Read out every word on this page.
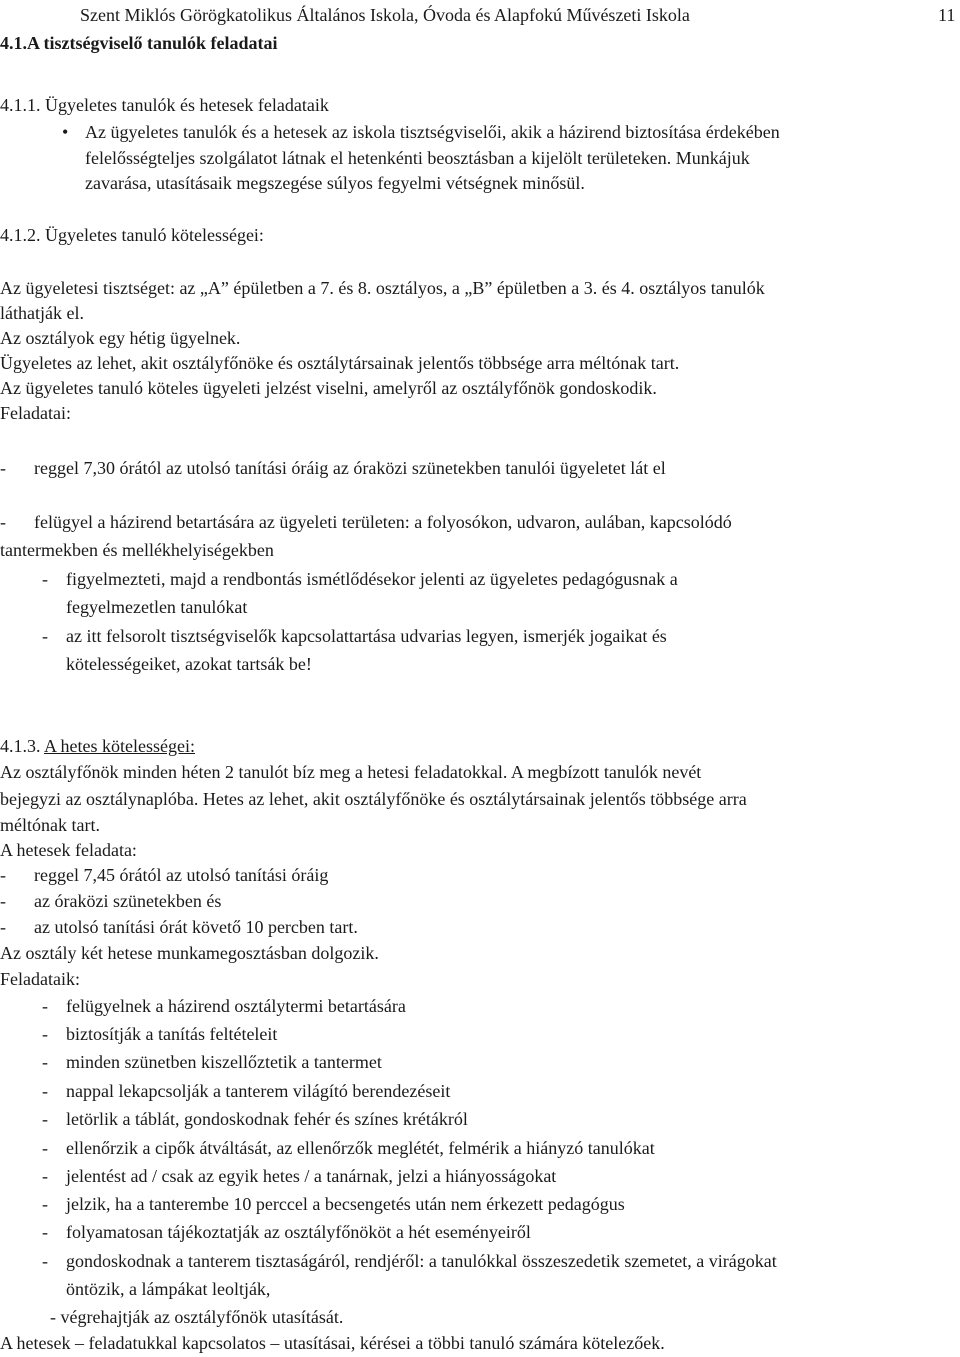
Szent Miklós Görögkatolikus Általános Iskola, Óvoda és Alapfokú Művészeti Iskola	11
4.1.A tisztségviselő tanulók feladatai
4.1.1. Ügyeletes tanulók és hetesek feladataik
• Az ügyeletes tanulók és a hetesek az iskola tisztségviselői, akik a házirend biztosítása érdekében
felelősségteljes szolgálatot látnak el hetenkénti beosztásban a kijelölt területeken. Munkájuk
zavarása, utasításaik megszegése súlyos fegyelmi vétségnek minősül.
4.1.2. Ügyeletes tanuló kötelességei:
Az ügyeletesi tisztséget: az „A” épületben a 7. és 8. osztályos, a „B” épületben a 3. és 4. osztályos tanulók
láthatják el.
Az osztályok egy hétig ügyelnek.
Ügyeletes az lehet, akit osztályfőnöke és osztálytársainak jelentős többsége arra méltónak tart.
Az ügyeletes tanuló köteles ügyeleti jelzést viselni, amelyről az osztályfőnök gondoskodik.
Feladatai:
- reggel 7,30 órától az utolsó tanítási óráig az óraközi szünetekben tanulói ügyeletet lát el
- felügyel a házirend betartására az ügyeleti területen: a folyosókon, udvaron, aulában, kapcsolódó
tantermekben és mellékhelyiségekben
- figyelmezteti, majd a rendbontás ismétlődésekor jelenti az ügyeletes pedagógusnak a
fegyelmezetlen tanulókat
- az itt felsorolt tisztségviselők kapcsolattartása udvarias legyen, ismerjék jogaikat és
kötelességeiket, azokat tartsák be!
4.1.3. A hetes kötelességei:
Az osztályfőnök minden héten 2 tanulót bíz meg a hetesi feladatokkal. A megbízott tanulók nevét
bejegyzi az osztálynaplóba. Hetes az lehet, akit osztályfőnöke és osztálytársainak jelentős többsége arra
méltónak tart.
A hetesek feladata:
- reggel 7,45 órától az utolsó tanítási óráig
- az óraközi szünetekben és
- az utolsó tanítási órát követő 10 percben tart.
Az osztály két hetese munkamegosztásban dolgozik.
Feladataik:
- felügyelnek a házirend osztálytermi betartására
- biztosítják a tanítás feltételeit
- minden szünetben kiszellőztetik a tantermet
- nappal lekapcsolják a tanterem világító berendezéseit
- letörlik a táblát, gondoskodnak fehér és színes krétákról
- ellenőrzik a cipők átváltását, az ellenőrzők meglétét, felmérik a hiányzó tanulókat
- jelentést ad / csak az egyik hetes / a tanárnak, jelzi a hiányosságokat
- jelzik, ha a tanterembe 10 perccel a becsengetés után nem érkezett pedagógus
- folyamatosan tájékoztatják az osztályfőnököt a hét eseményeiről
- gondoskodnak a tanterem tisztaságáról, rendjéről: a tanulókkal összeszedetik szemetet, a virágokat
öntözik, a lámpákat leoltják,
- végrehajtják az osztályfőnök utasítását.
A hetesek – feladatukkal kapcsolatos – utasításai, kérései a többi tanuló számára kötelezőek.
